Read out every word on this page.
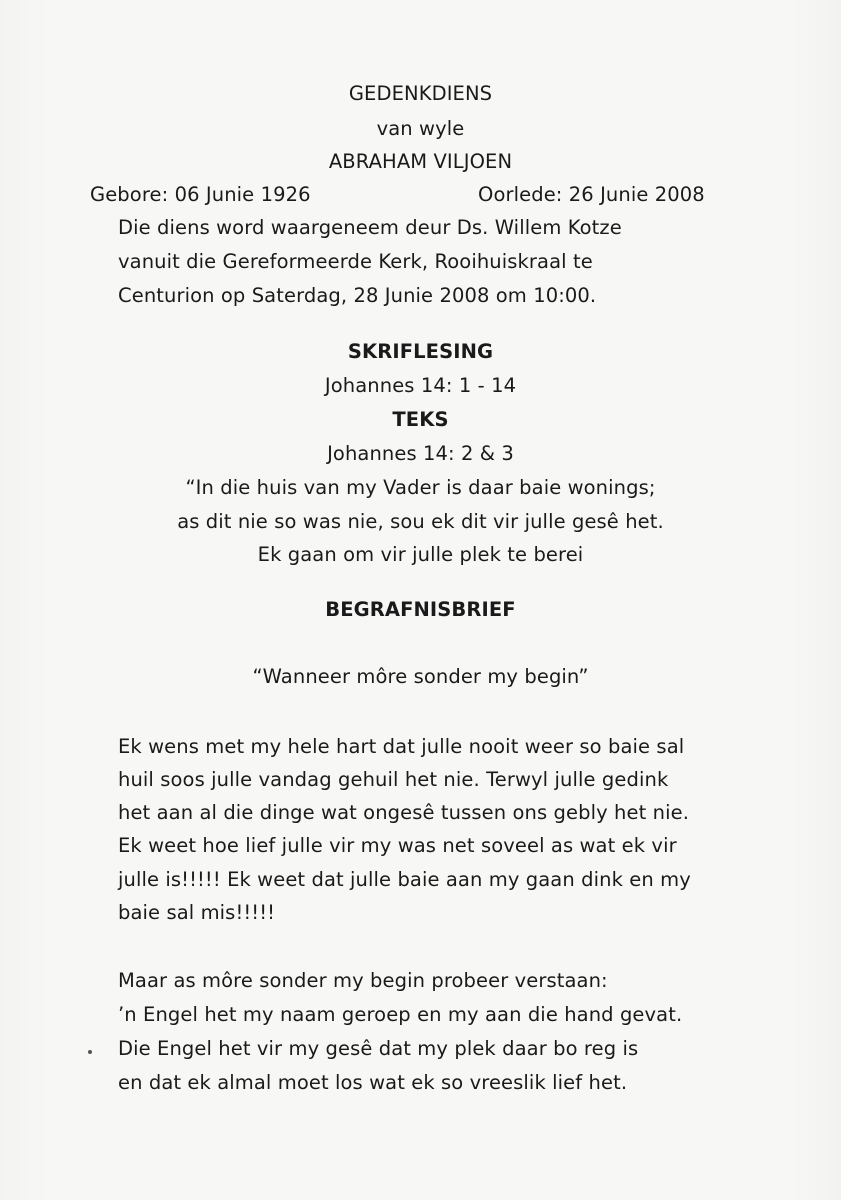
GEDENKDIENS
van wyle
ABRAHAM VILJOEN
Gebore: 06 Junie 1926	Oorlede: 26 Junie 2008
Die diens word waargeneem deur Ds. Willem Kotze
vanuit die Gereformeerde Kerk, Rooihuiskraal te
Centurion op Saterdag, 28 Junie 2008 om 10:00.
SKRIFLESING
Johannes 14: 1 - 14
TEKS
Johannes 14: 2 & 3
“In die huis van my Vader is daar baie wonings;
as dit nie so was nie, sou ek dit vir julle gesê het.
Ek gaan om vir julle plek te berei
BEGRAFNISBRIEF
“Wanneer môre sonder my begin”
Ek wens met my hele hart dat julle nooit weer so baie sal
huil soos julle vandag gehuil het nie. Terwyl julle gedink
het aan al die dinge wat ongesê tussen ons gebly het nie.
Ek weet hoe lief julle vir my was net soveel as wat ek vir
julle is!!!!! Ek weet dat julle baie aan my gaan dink en my
baie sal mis!!!!!
Maar as môre sonder my begin probeer verstaan:
’n Engel het my naam geroep en my aan die hand gevat.
Die Engel het vir my gesê dat my plek daar bo reg is
en dat ek almal moet los wat ek so vreeslik lief het.
